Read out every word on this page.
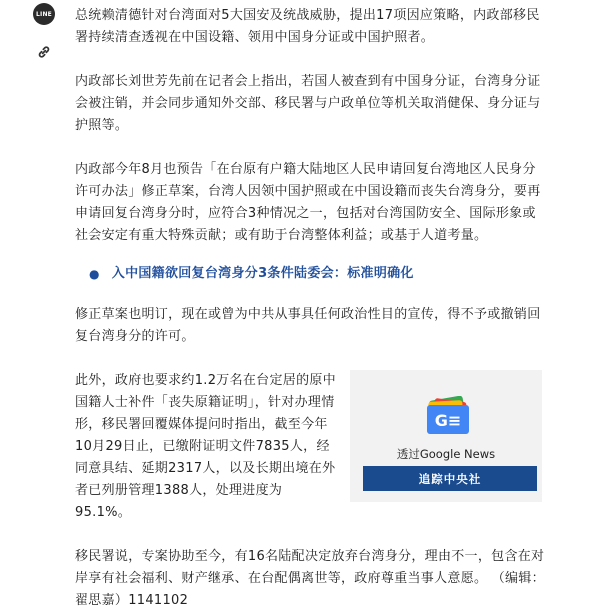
LINE 总统赖清德针对台湾面对5大国安及统战威胁，提出17项因应策略，内政部移民署持续清查透视在中国设籍、领用中国身分证或中国护照者。

内政部长刘世芳先前在记者会上指出，若国人被查到有中国身分证，台湾身分证会被注销，并会同步通知外交部、移民署与户政单位等机关取消健保、身分证与护照等。

内政部今年8月也预告「在台原有户籍大陆地区人民申请回复台湾地区人民身分许可办法」修正草案，台湾人因领中国护照或在中国设籍而丧失台湾身分，要再申请回复台湾身分时，应符合3种情况之一，包括对台湾国防安全、国际形象或社会安定有重大特殊贡献；或有助于台湾整体利益；或基于人道考量。

● 入中国籍欲回复台湾身分3条件陆委会：标准明确化

修正草案也明订，现在或曾为中共从事具任何政治性目的宣传，得不予或撤销回复台湾身分的许可。

G≡
透过Google News
追踪中央社

此外，政府也要求约1.2万名在台定居的原中国籍人士补件「丧失原籍证明」，针对办理情形，移民署回覆媒体提问时指出，截至今年10月29日止，已缴附证明文件7835人，经同意具结、延期2317人，以及长期出境在外者已列册管理1388人，处理进度为95.1%。

移民署说，专案协助至今，有16名陆配决定放弃台湾身分，理由不一，包含在对岸享有社会福利、财产继承、在台配偶离世等，政府尊重当事人意愿。 （编辑：翟思嘉）1141102
